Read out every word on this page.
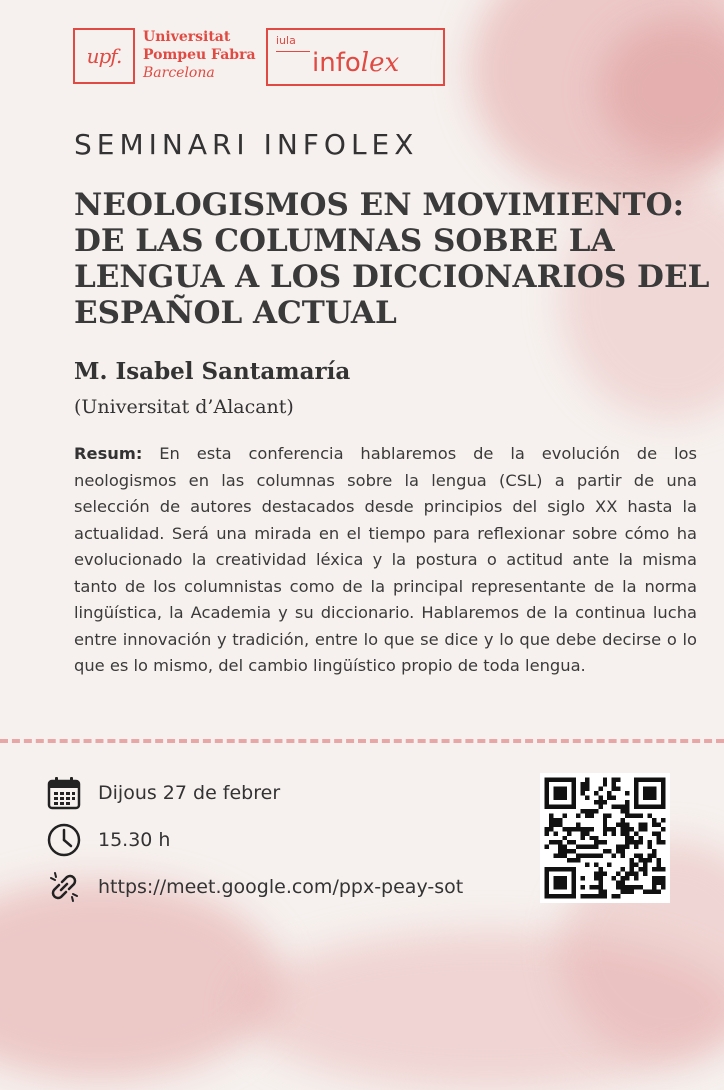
upf.
Universitat
Pompeu Fabra
Barcelona
iula
infolex
SEMINARI INFOLEX
NEOLOGISMOS EN MOVIMIENTO: DE LAS COLUMNAS SOBRE LA LENGUA A LOS DICCIONARIOS DEL ESPAÑOL ACTUAL
M. Isabel Santamaría
(Universitat d’Alacant)

Resum: En esta conferencia hablaremos de la evolución de los neologismos en las columnas sobre la lengua (CSL) a partir de una selección de autores destacados desde principios del siglo XX hasta la actualidad. Será una mirada en el tiempo para reflexionar sobre cómo ha evolucionado la creatividad léxica y la postura o actitud ante la misma tanto de los columnistas como de la principal representante de la norma lingüística, la Academia y su diccionario. Hablaremos de la continua lucha entre innovación y tradición, entre lo que se dice y lo que debe decirse o lo que es lo mismo, del cambio lingüístico propio de toda lengua.

Dijous 27 de febrer
15.30 h
https://meet.google.com/ppx-peay-sot
